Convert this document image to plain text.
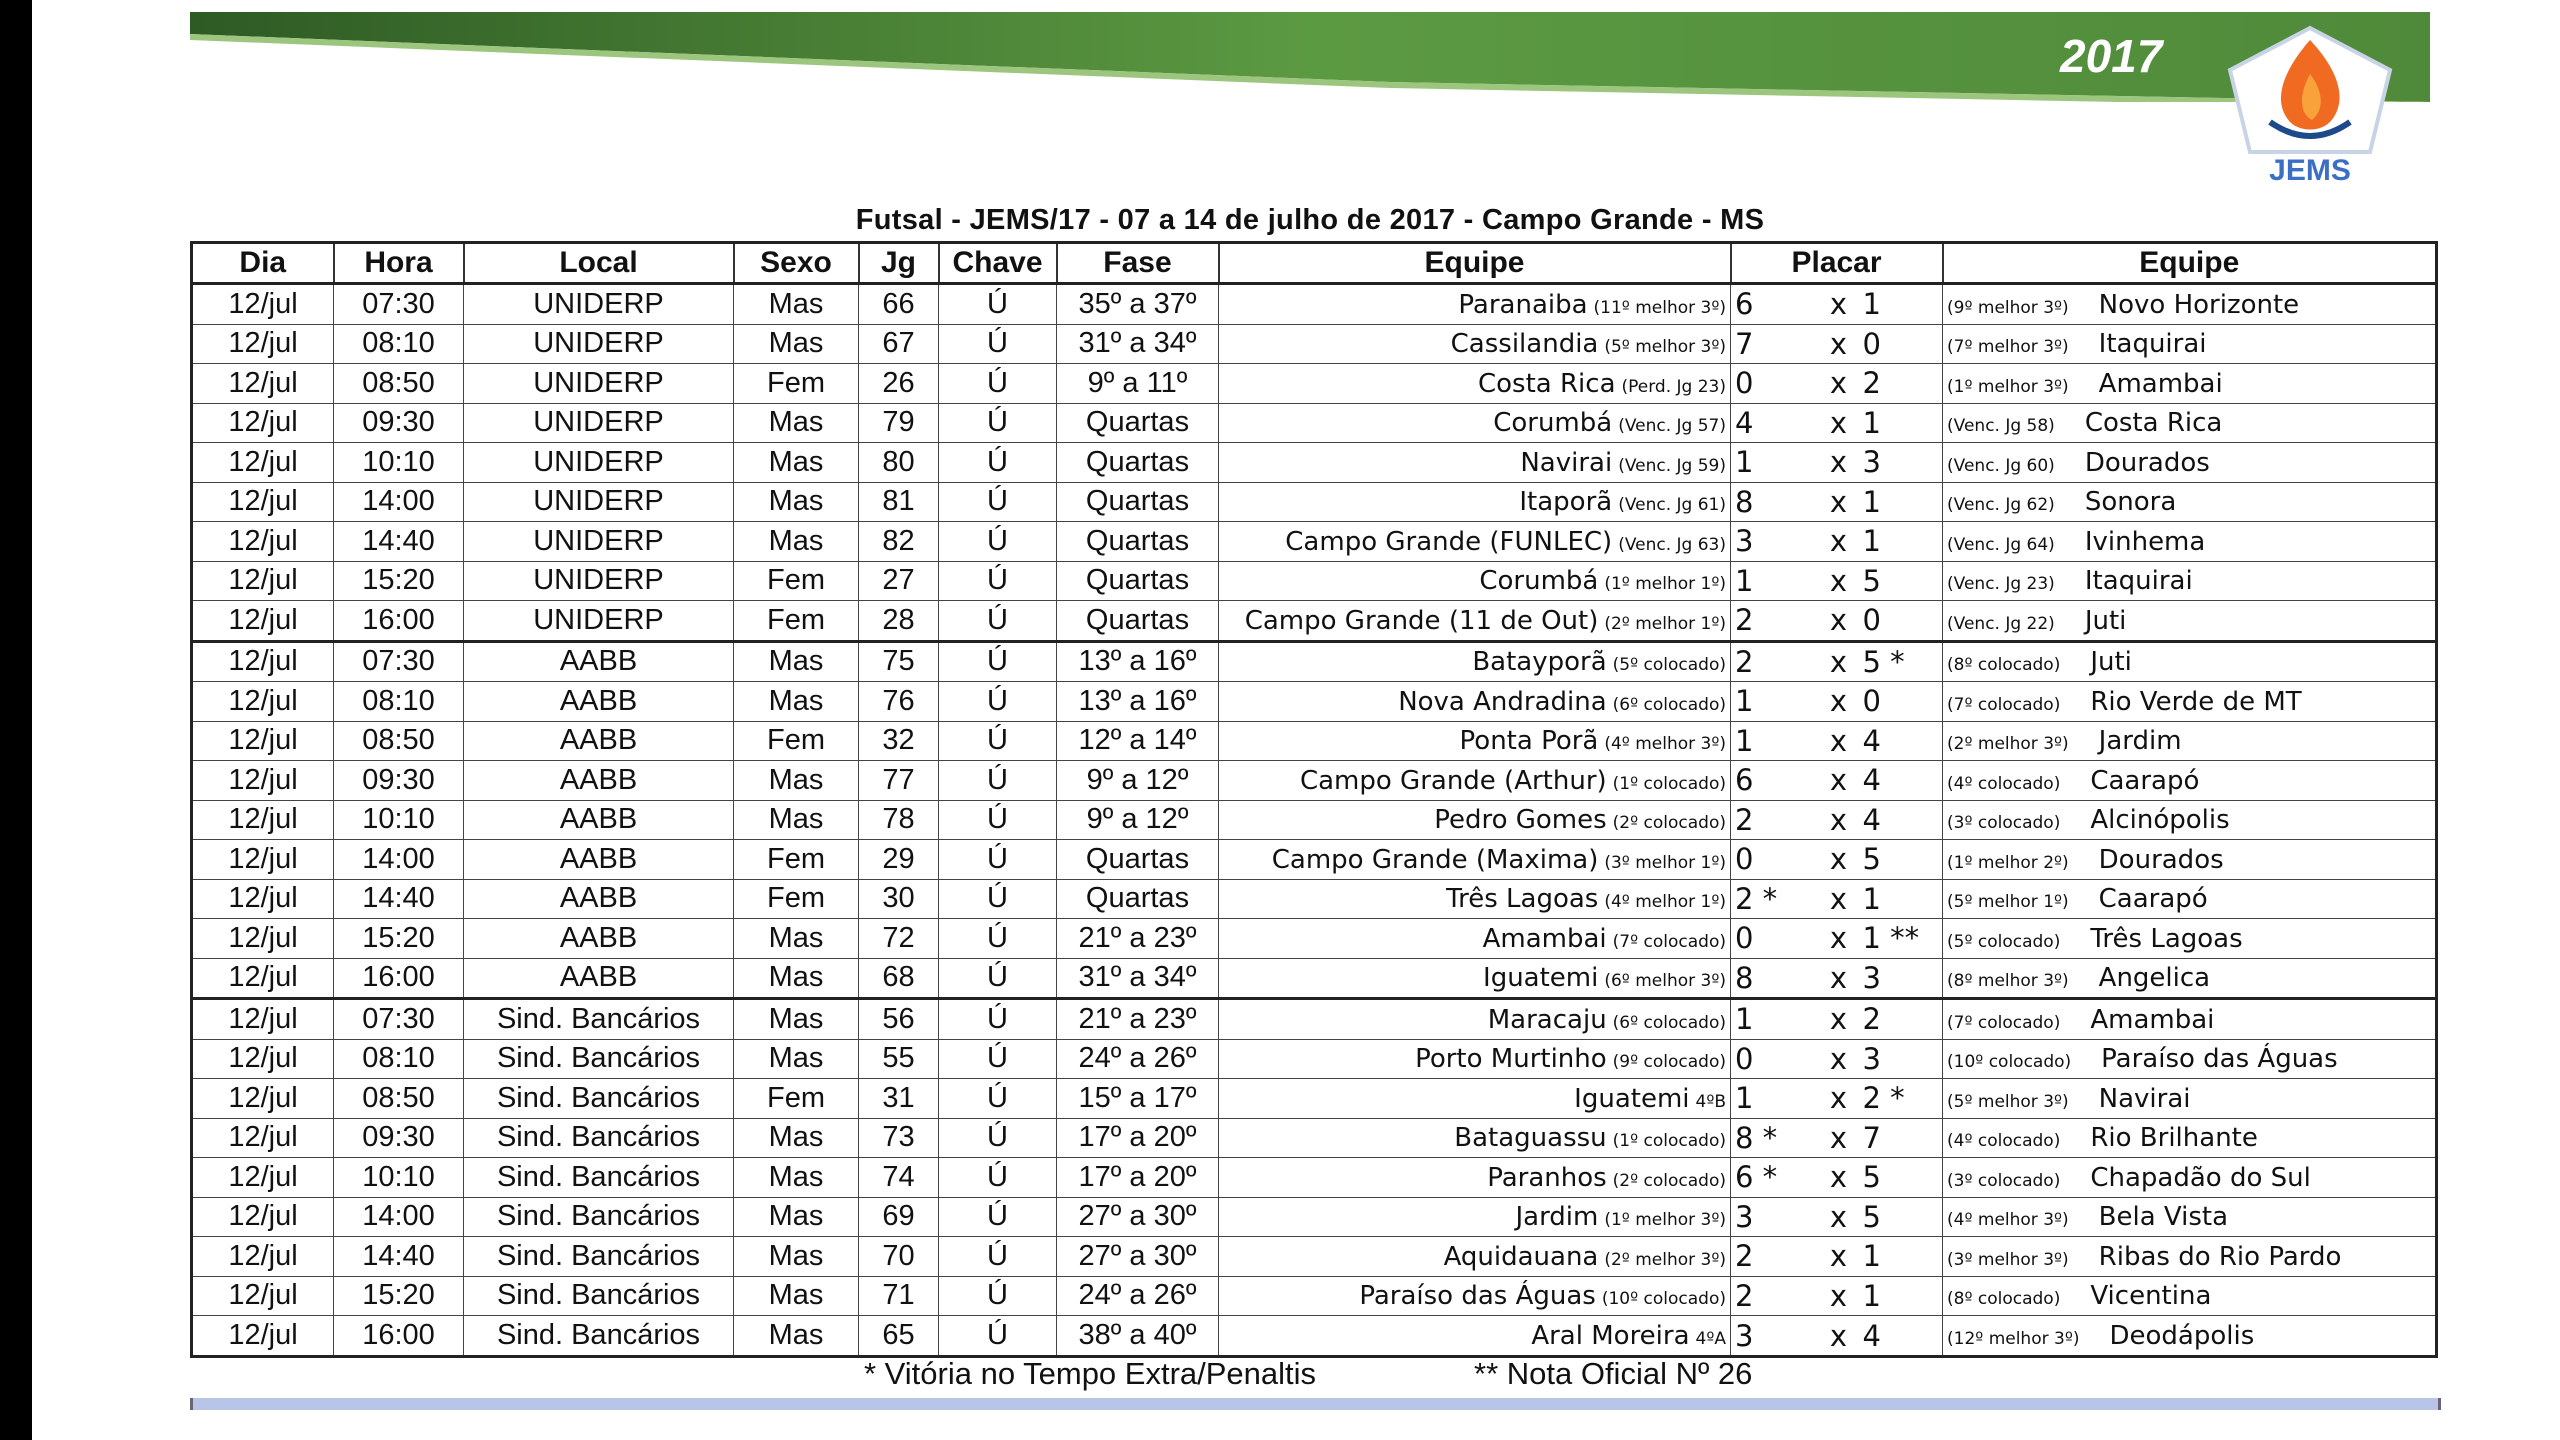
2017
JEMS
Futsal - JEMS/17 - 07 a 14 de julho de 2017 - Campo Grande - MS
Dia	Hora	Local	Sexo	Jg	Chave	Fase	Equipe	Placar			Equipe
12/jul	07:30	UNIDERP	Mas	66	Ú	35º a 37º	Paranaiba (11º melhor 3º)	6	x	1	(9º melhor 3º) Novo Horizonte
12/jul	08:10	UNIDERP	Mas	67	Ú	31º a 34º	Cassilandia (5º melhor 3º)	7	x	0	(7º melhor 3º) Itaquirai
12/jul	08:50	UNIDERP	Fem	26	Ú	9º a 11º	Costa Rica (Perd. Jg 23)	0	x	2	(1º melhor 3º) Amambai
12/jul	09:30	UNIDERP	Mas	79	Ú	Quartas	Corumbá (Venc. Jg 57)	4	x	1	(Venc. Jg 58) Costa Rica
12/jul	10:10	UNIDERP	Mas	80	Ú	Quartas	Navirai (Venc. Jg 59)	1	x	3	(Venc. Jg 60) Dourados
12/jul	14:00	UNIDERP	Mas	81	Ú	Quartas	Itaporã (Venc. Jg 61)	8	x	1	(Venc. Jg 62) Sonora
12/jul	14:40	UNIDERP	Mas	82	Ú	Quartas	Campo Grande (FUNLEC) (Venc. Jg 63)	3	x	1	(Venc. Jg 64) Ivinhema
12/jul	15:20	UNIDERP	Fem	27	Ú	Quartas	Corumbá (1º melhor 1º)	1	x	5	(Venc. Jg 23) Itaquirai
12/jul	16:00	UNIDERP	Fem	28	Ú	Quartas	Campo Grande (11 de Out) (2º melhor 1º)	2	x	0	(Venc. Jg 22) Juti
12/jul	07:30	AABB	Mas	75	Ú	13º a 16º	Batayporã (5º colocado)	2	x	5 *	(8º colocado) Juti
12/jul	08:10	AABB	Mas	76	Ú	13º a 16º	Nova Andradina (6º colocado)	1	x	0	(7º colocado) Rio Verde de MT
12/jul	08:50	AABB	Fem	32	Ú	12º a 14º	Ponta Porã (4º melhor 3º)	1	x	4	(2º melhor 3º) Jardim
12/jul	09:30	AABB	Mas	77	Ú	9º a 12º	Campo Grande (Arthur) (1º colocado)	6	x	4	(4º colocado) Caarapó
12/jul	10:10	AABB	Mas	78	Ú	9º a 12º	Pedro Gomes (2º colocado)	2	x	4	(3º colocado) Alcinópolis
12/jul	14:00	AABB	Fem	29	Ú	Quartas	Campo Grande (Maxima) (3º melhor 1º)	0	x	5	(1º melhor 2º) Dourados
12/jul	14:40	AABB	Fem	30	Ú	Quartas	Três Lagoas (4º melhor 1º)	2 *	x	1	(5º melhor 1º) Caarapó
12/jul	15:20	AABB	Mas	72	Ú	21º a 23º	Amambai (7º colocado)	0	x	1 **	(5º colocado) Três Lagoas
12/jul	16:00	AABB	Mas	68	Ú	31º a 34º	Iguatemi (6º melhor 3º)	8	x	3	(8º melhor 3º) Angelica
12/jul	07:30	Sind. Bancários	Mas	56	Ú	21º a 23º	Maracaju (6º colocado)	1	x	2	(7º colocado) Amambai
12/jul	08:10	Sind. Bancários	Mas	55	Ú	24º a 26º	Porto Murtinho (9º colocado)	0	x	3	(10º colocado) Paraíso das Águas
12/jul	08:50	Sind. Bancários	Fem	31	Ú	15º a 17º	Iguatemi 4ºB	1	x	2 *	(5º melhor 3º) Navirai
12/jul	09:30	Sind. Bancários	Mas	73	Ú	17º a 20º	Bataguassu (1º colocado)	8 *	x	7	(4º colocado) Rio Brilhante
12/jul	10:10	Sind. Bancários	Mas	74	Ú	17º a 20º	Paranhos (2º colocado)	6 *	x	5	(3º colocado) Chapadão do Sul
12/jul	14:00	Sind. Bancários	Mas	69	Ú	27º a 30º	Jardim (1º melhor 3º)	3	x	5	(4º melhor 3º) Bela Vista
12/jul	14:40	Sind. Bancários	Mas	70	Ú	27º a 30º	Aquidauana (2º melhor 3º)	2	x	1	(3º melhor 3º) Ribas do Rio Pardo
12/jul	15:20	Sind. Bancários	Mas	71	Ú	24º a 26º	Paraíso das Águas (10º colocado)	2	x	1	(8º colocado) Vicentina
12/jul	16:00	Sind. Bancários	Mas	65	Ú	38º a 40º	Aral Moreira 4ºA	3	x	4	(12º melhor 3º) Deodápolis
* Vitória no Tempo Extra/Penaltis	** Nota Oficial Nº 26
